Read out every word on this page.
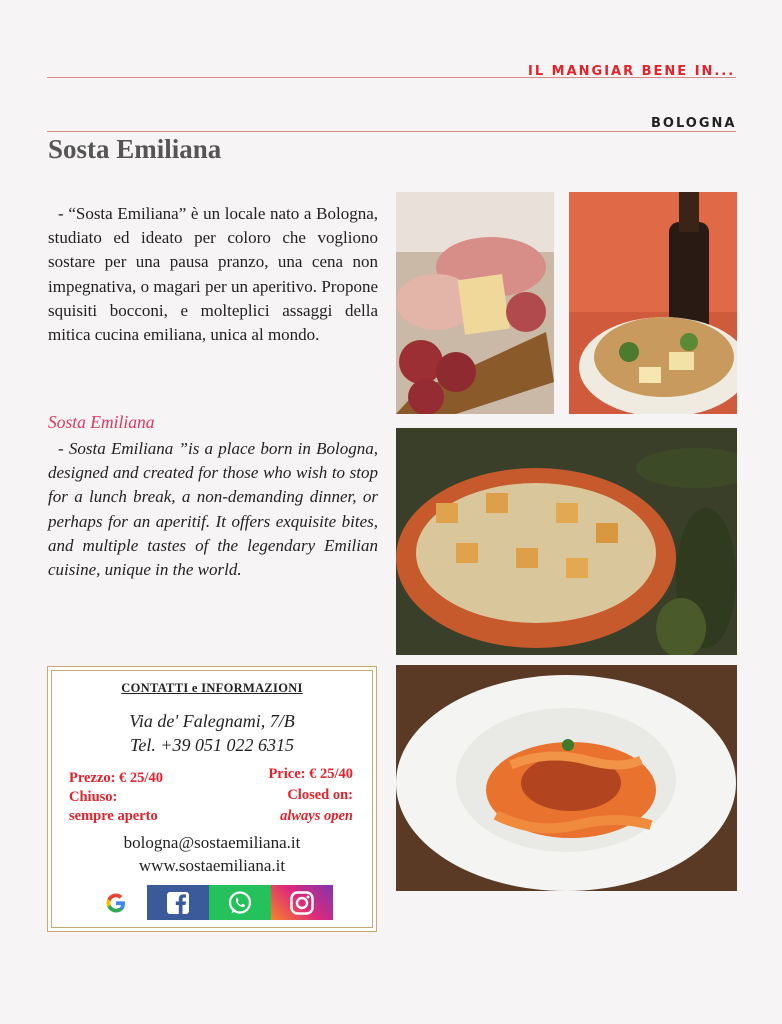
IL MANGIAR BENE IN...
BOLOGNA
Sosta Emiliana

- “Sosta Emiliana” è un locale nato a Bologna, studiato ed ideato per coloro che vogliono sostare per una pausa pranzo, una cena non impegnativa, o magari per un aperitivo. Propone squisiti bocconi, e molteplici assaggi della mitica cucina emiliana, unica al mondo.

Sosta Emiliana

- Sosta Emiliana ”is a place born in Bologna, designed and created for those who wish to stop for a lunch break, a non-demanding dinner, or perhaps for an aperitif. It offers exquisite bites, and multiple tastes of the legendary Emilian cuisine, unique in the world.

CONTATTI e INFORMAZIONI
Via de' Falegnami, 7/B
Tel. +39 051 022 6315
Prezzo: € 25/40
Chiuso:
sempre aperto
Price: € 25/40
Closed on:
always open
bologna@sostaemiliana.it
www.sostaemiliana.it
